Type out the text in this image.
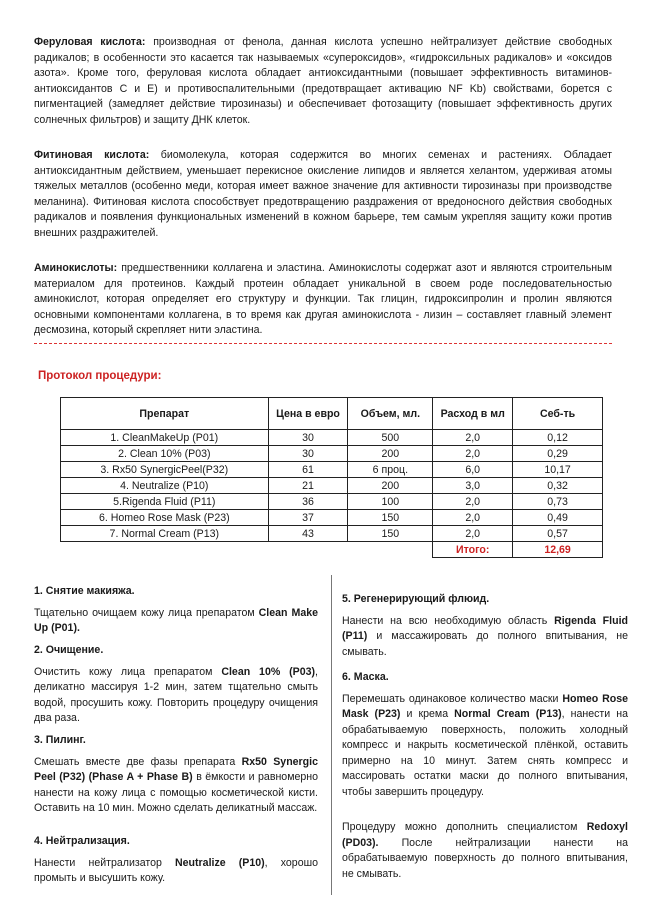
Феруловая кислота: производная от фенола, данная кислота успешно нейтрализует действие свободных радикалов; в особенности это касается так называемых «супероксидов», «гидроксильных радикалов» и «оксидов азота». Кроме того, феруловая кислота обладает антиоксидантными (повышает эффективность витаминов-антиоксидантов С и Е) и противоспалительными (предотвращает активацию NF Kb) свойствами, борется с пигментацией (замедляет действие тирозиназы) и обеспечивает фотозащиту (повышает эффективность других солнечных фильтров) и защиту ДНК клеток.
Фитиновая кислота: биомолекула, которая содержится во многих семенах и растениях. Обладает антиоксидантным действием, уменьшает перекисное окисление липидов и является хелантом, удерживая атомы тяжелых металлов (особенно меди, которая имеет важное значение для активности тирозиназы при производстве меланина). Фитиновая кислота способствует предотвращению раздражения от вредоносного действия свободных радикалов и появления функциональных изменений в кожном барьере, тем самым укрепляя защиту кожи против внешних раздражителей.
Аминокислоты: предшественники коллагена и эластина. Аминокислоты содержат азот и являются строительным материалом для протеинов. Каждый протеин обладает уникальной в своем роде последовательностью аминокислот, которая определяет его структуру и функции. Так глицин, гидроксипролин и пролин являются основными компонентами коллагена, в то время как другая аминокислота - лизин – составляет главный элемент десмозина, который скрепляет нити эластина.
Протокол процедури:
Препарат	Цена в евро	Объем, мл.	Расход в мл	Себ-ть
1. CleanMakeUp (P01)	30	500	2,0	0,12
2. Clean 10% (P03)	30	200	2,0	0,29
3. Rx50 SynergicPeel(P32)	61	6 проц.	6,0	10,17
4. Neutralize (P10)	21	200	3,0	0,32
5.Rigenda Fluid (P11)	36	100	2,0	0,73
6. Homeo Rose Mask (P23)	37	150	2,0	0,49
7. Normal Cream (P13)	43	150	2,0	0,57
			Итого:	12,69
1. Снятие макияжа.
Тщательно очищаем кожу лица препаратом Clean Make Up (P01).
2. Очищение.
Очистить кожу лица препаратом Clean 10% (P03), деликатно массируя 1-2 мин, затем тщательно смыть водой, просушить кожу. Повторить процедуру очищения два раза.
3. Пилинг.
Смешать вместе две фазы препарата Rx50 Synergic Peel (P32) (Phase A + Phase B) в ёмкости и равномерно нанести на кожу лица с помощью косметической кисти. Оставить на 10 мин. Можно сделать деликатный массаж.
4. Нейтрализация.
Нанести нейтрализатор Neutralize (P10), хорошо промыть и высушить кожу.
5. Регенерирующий флюид.
Нанести на всю необходимую область Rigenda Fluid (P11) и массажировать до полного впитывания, не смывать.
6. Маска.
Перемешать одинаковое количество маски Homeo Rose Mask (P23) и крема Normal Cream (P13), нанести на обрабатываемую поверхность, положить холодный компресс и накрыть косметической плёнкой, оставить примерно на 10 минут. Затем снять компресс и массировать остатки маски до полного впитывания, чтобы завершить процедуру.
Процедуру можно дополнить специалистом Redoxyl (PD03). После нейтрализации нанести на обрабатываемую поверхность до полного впитывания, не смывать.
